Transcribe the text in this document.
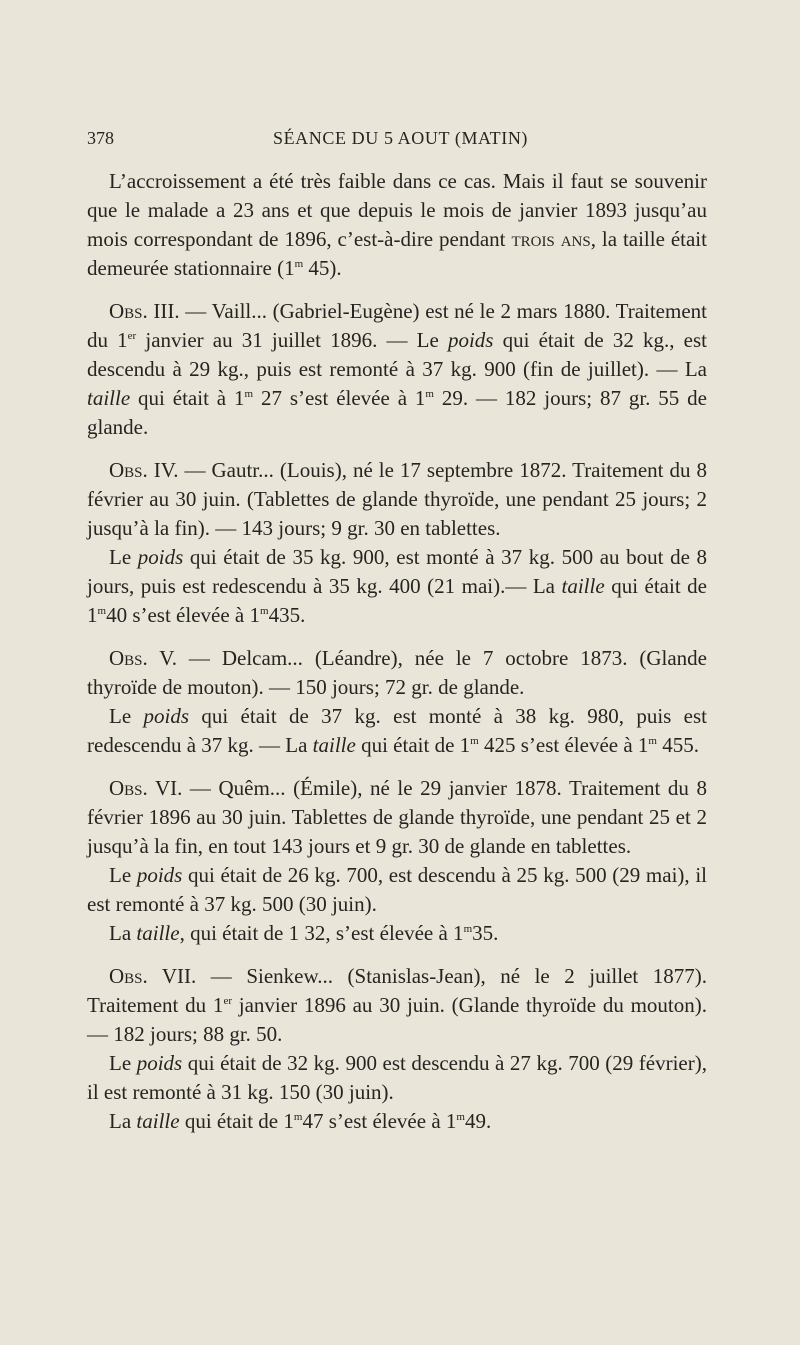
378	SÉANCE DU 5 AOUT (MATIN)

L’accroissement a été très faible dans ce cas. Mais il faut se souvenir que le malade a 23 ans et que depuis le mois de janvier 1893 jusqu’au mois correspondant de 1896, c’est-à-dire pendant trois ans, la taille était demeurée stationnaire (1$^m$ 45).

Obs. III. — Vaill... (Gabriel-Eugène) est né le 2 mars 1880. Traitement du 1er janvier au 31 juillet 1896. — Le poids qui était de 32 kg., est descendu à 29 kg., puis est remonté à 37 kg. 900 (fin de juillet). — La taille qui était à 1$^m$ 27 s’est élevée à 1$^m$ 29. — 182 jours; 87 gr. 55 de glande.

Obs. IV. — Gautr... (Louis), né le 17 septembre 1872. Traitement du 8 février au 30 juin. (Tablettes de glande thyroïde, une pendant 25 jours; 2 jusqu’à la fin). — 143 jours; 9 gr. 30 en tablettes.

Le poids qui était de 35 kg. 900, est monté à 37 kg. 500 au bout de 8 jours, puis est redescendu à 35 kg. 400 (21 mai).— La taille qui était de 1$^m$40 s’est élevée à 1$^m$435.

Obs. V. — Delcam... (Léandre), née le 7 octobre 1873. (Glande thyroïde de mouton). — 150 jours; 72 gr. de glande.

Le poids qui était de 37 kg. est monté à 38 kg. 980, puis est redescendu à 37 kg. — La taille qui était de 1$^m$ 425 s’est élevée à 1$^m$ 455.

Obs. VI. — Quêm... (Émile), né le 29 janvier 1878. Traitement du 8 février 1896 au 30 juin. Tablettes de glande thyroïde, une pendant 25 et 2 jusqu’à la fin, en tout 143 jours et 9 gr. 30 de glande en tablettes.

Le poids qui était de 26 kg. 700, est descendu à 25 kg. 500 (29 mai), il est remonté à 37 kg. 500 (30 juin).

La taille, qui était de 1 32, s’est élevée à 1$^m$35.

Obs. VII. — Sienkew... (Stanislas-Jean), né le 2 juillet 1877). Traitement du 1er janvier 1896 au 30 juin. (Glande thyroïde du mouton). — 182 jours; 88 gr. 50.

Le poids qui était de 32 kg. 900 est descendu à 27 kg. 700 (29 février), il est remonté à 31 kg. 150 (30 juin).

La taille qui était de 1$^m$47 s’est élevée à 1$^m$49.
